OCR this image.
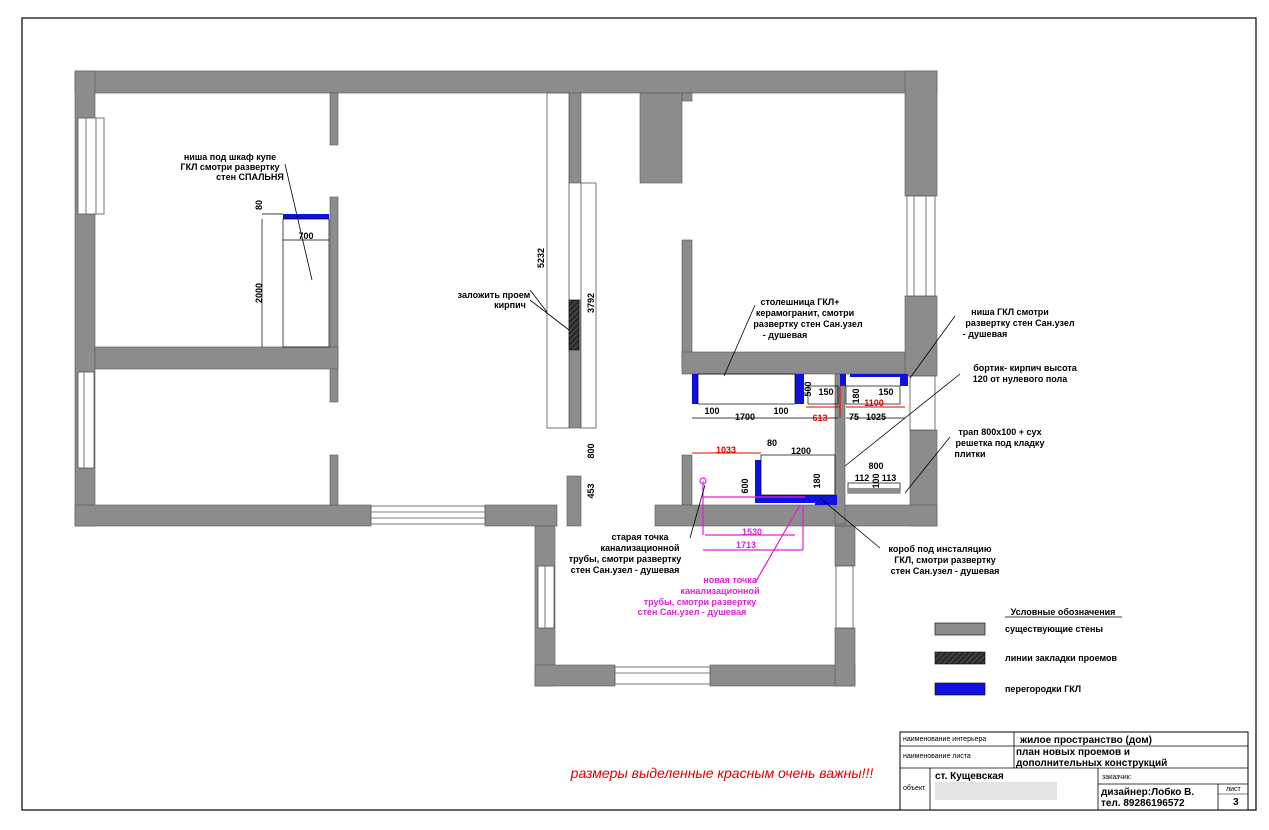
ниша под шкаф купе
ГКЛ смотри развертку
стен СПАЛЬНЯ
заложить проем
кирпич	столешница ГКЛ+
керамогранит, смотри
развертку стен Сан.узел
- душевая
ниша ГКЛ смотри
развертку стен Сан.узел
- душевая
бортик- кирпич высота
120 от нулевого пола
трап 800х100 + сух
решетка под кладку
плитки
короб под инсталяцию
ГКЛ, смотри развертку
стен Сан.узел - душевая
старая точка
канализационной
трубы, смотри развертку
стен Сан.узел - душевая
новая точка
канализационной
трубы, смотри развертку
стен Сан.узел - душевая
80
700
2000
5232
3792
800
453
100
1700
100
500 150
613
180 150
1100
75 1025
1033
80
1200
600	180
800
112 100 113
1530
1713
Условные обозначения
существующие стены
линии закладки проемов
перегородки ГКЛ
размеры выделенные красным очень важны!!!
наименование интерьера	жилое пространство (дом)
наименование листа	план новых проемов и
дополнительных конструкций
объект
ст. Кущевская	заказчик:
дизайнер:Лобко В.
тел. 89286196572
лист
3
